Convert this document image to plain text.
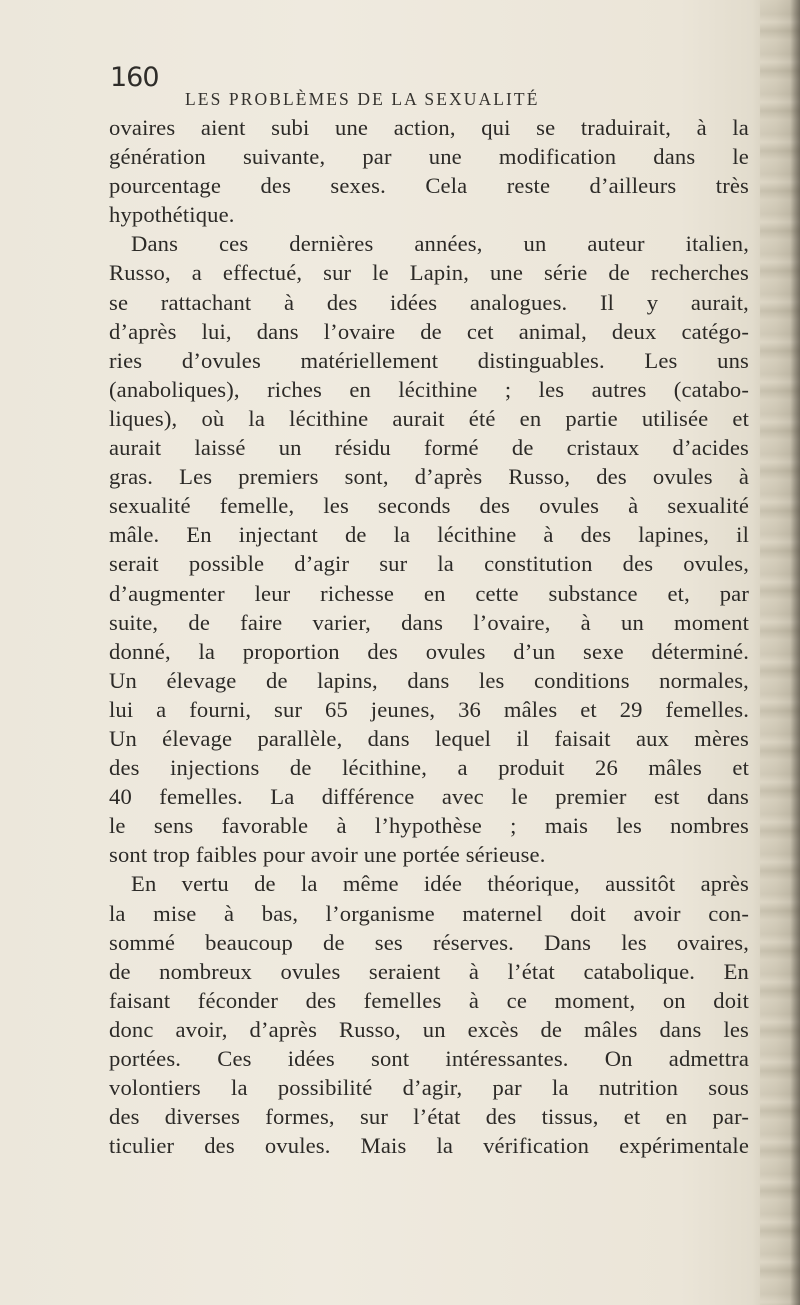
160
LES PROBLÈMES DE LA SEXUALITÉ
ovaires aient subi une action, qui se traduirait, à la
génération suivante, par une modification dans le
pourcentage des sexes. Cela reste d’ailleurs très
hypothétique.
Dans ces dernières années, un auteur italien,
Russo, a effectué, sur le Lapin, une série de recherches
se rattachant à des idées analogues. Il y aurait,
d’après lui, dans l’ovaire de cet animal, deux catégo-
ries d’ovules matériellement distinguables. Les uns
(anaboliques), riches en lécithine ; les autres (catabo-
liques), où la lécithine aurait été en partie utilisée et
aurait laissé un résidu formé de cristaux d’acides
gras. Les premiers sont, d’après Russo, des ovules à
sexualité femelle, les seconds des ovules à sexualité
mâle. En injectant de la lécithine à des lapines, il
serait possible d’agir sur la constitution des ovules,
d’augmenter leur richesse en cette substance et, par
suite, de faire varier, dans l’ovaire, à un moment
donné, la proportion des ovules d’un sexe déterminé.
Un élevage de lapins, dans les conditions normales,
lui a fourni, sur 65 jeunes, 36 mâles et 29 femelles.
Un élevage parallèle, dans lequel il faisait aux mères
des injections de lécithine, a produit 26 mâles et
40 femelles. La différence avec le premier est dans
le sens favorable à l’hypothèse ; mais les nombres
sont trop faibles pour avoir une portée sérieuse.
En vertu de la même idée théorique, aussitôt après
la mise à bas, l’organisme maternel doit avoir con-
sommé beaucoup de ses réserves. Dans les ovaires,
de nombreux ovules seraient à l’état catabolique. En
faisant féconder des femelles à ce moment, on doit
donc avoir, d’après Russo, un excès de mâles dans les
portées. Ces idées sont intéressantes. On admettra
volontiers la possibilité d’agir, par la nutrition sous
des diverses formes, sur l’état des tissus, et en par-
ticulier des ovules. Mais la vérification expérimentale
